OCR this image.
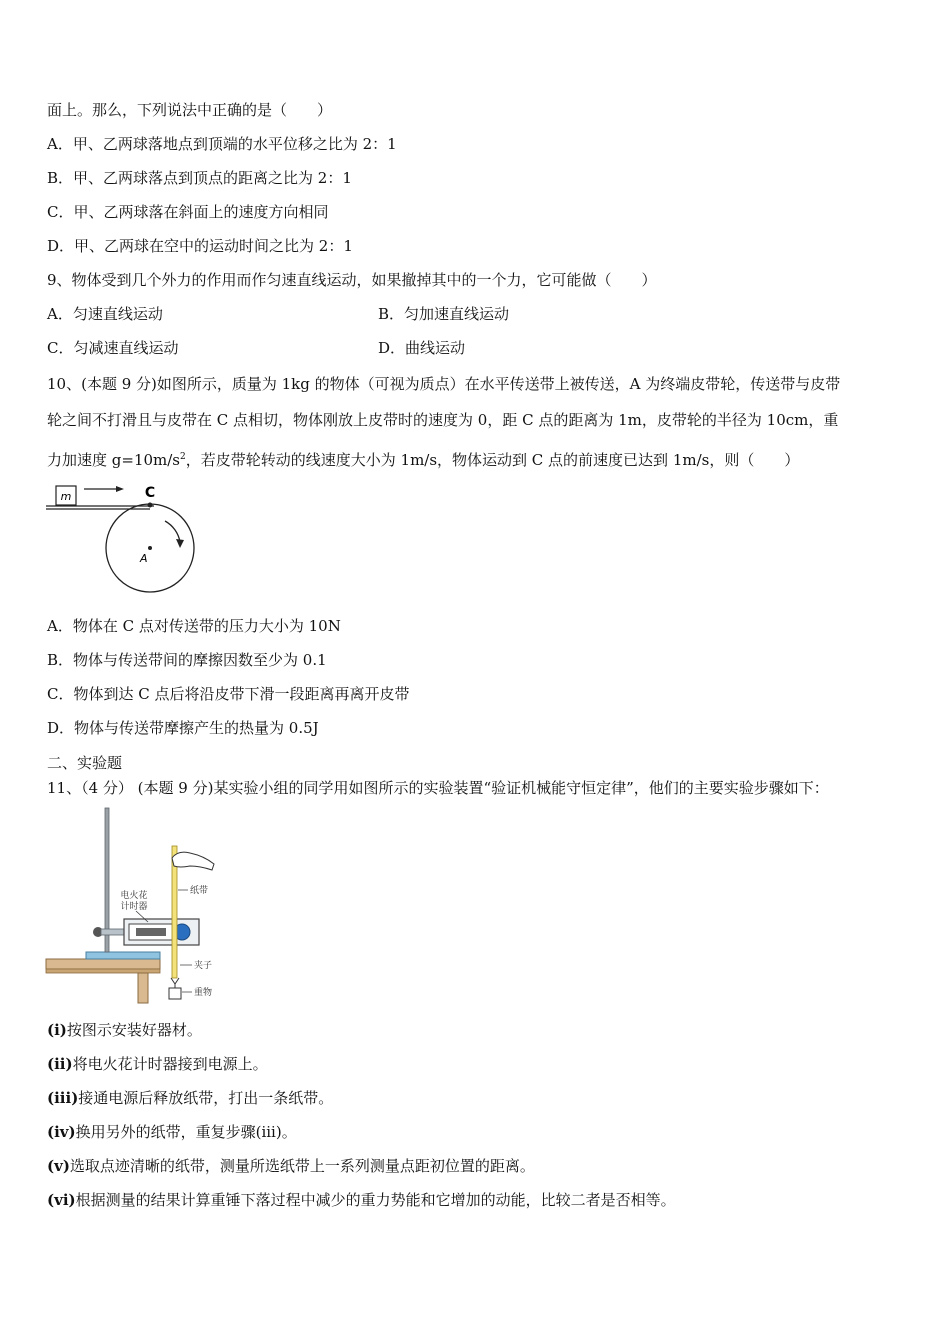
面上。那么，下列说法中正确的是（　　）
A．甲、乙两球落地点到顶端的水平位移之比为 2：1
B．甲、乙两球落点到顶点的距离之比为 2：1
C．甲、乙两球落在斜面上的速度方向相同
D．甲、乙两球在空中的运动时间之比为 2：1
9、物体受到几个外力的作用而作匀速直线运动，如果撤掉其中的一个力，它可能做（　　）
A．匀速直线运动	B．匀加速直线运动
C．匀减速直线运动	D．曲线运动
10、(本题 9 分)如图所示，质量为 1kg 的物体（可视为质点）在水平传送带上被传送，A 为终端皮带轮，传送带与皮带
轮之间不打滑且与皮带在 C 点相切，物体刚放上皮带时的速度为 0，距 C 点的距离为 1m，皮带轮的半径为 10cm，重
力加速度 $g=10m/s^2$，若皮带轮转动的线速度大小为 1m/s，物体运动到 C 点的前速度已达到 1m/s，则（　　）
m	C
A
A．物体在 C 点对传送带的压力大小为 10N
B．物体与传送带间的摩擦因数至少为 0.1
C．物体到达 C 点后将沿皮带下滑一段距离再离开皮带
D．物体与传送带摩擦产生的热量为 0.5J
二、实验题
11、（4 分） (本题 9 分)某实验小组的同学用如图所示的实验装置“验证机械能守恒定律”，他们的主要实验步骤如下：
电火花
计时器
纸带
夹子
重物
(i)按图示安装好器材。
(ii)将电火花计时器接到电源上。
(iii)接通电源后释放纸带，打出一条纸带。
(iv)换用另外的纸带，重复步骤(iii)。
(v)选取点迹清晰的纸带，测量所选纸带上一系列测量点距初位置的距离。
(vi)根据测量的结果计算重锤下落过程中减少的重力势能和它增加的动能，比较二者是否相等。
